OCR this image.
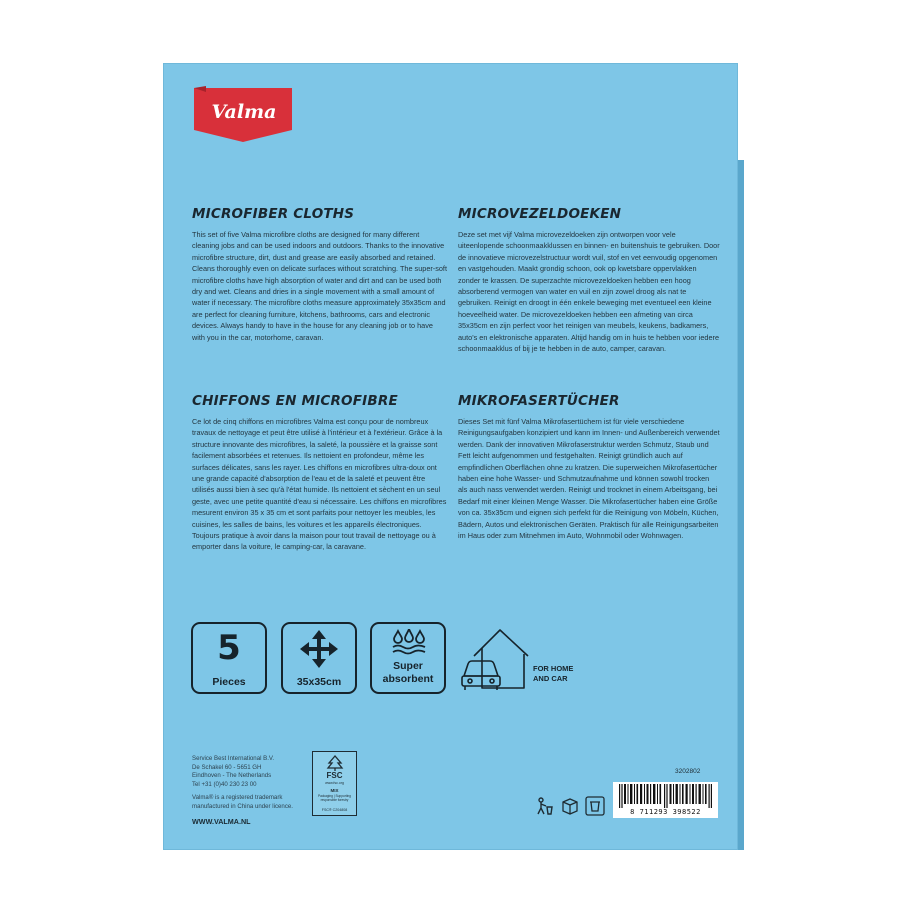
Valma
MICROFIBER CLOTHS

This set of five Valma microfibre cloths are designed for many different cleaning jobs and can be used indoors and outdoors. Thanks to the innovative microfibre structure, dirt, dust and grease are easily absorbed and retained. Cleans thoroughly even on delicate surfaces without scratching. The super-soft microfibre cloths have high absorption of water and dirt and can be used both dry and wet. Cleans and dries in a single movement with a small amount of water if necessary. The microfibre cloths measure approximately 35x35cm and are perfect for cleaning furniture, kitchens, bathrooms, cars and electronic devices. Always handy to have in the house for any cleaning job or to have with you in the car, motorhome, caravan.

MICROVEZELDOEKEN

Deze set met vijf Valma microvezeldoeken zijn ontworpen voor vele uiteenlopende schoonmaakklussen en binnen- en buitenshuis te gebruiken. Door de innovatieve microvezelstructuur wordt vuil, stof en vet eenvoudig opgenomen en vastgehouden. Maakt grondig schoon, ook op kwetsbare oppervlakken zonder te krassen. De superzachte microvezeldoeken hebben een hoog absorberend vermogen van water en vuil en zijn zowel droog als nat te gebruiken. Reinigt en droogt in één enkele beweging met eventueel een kleine hoeveelheid water. De microvezeldoeken hebben een afmeting van circa 35x35cm en zijn perfect voor het reinigen van meubels, keukens, badkamers, auto's en elektronische apparaten. Altijd handig om in huis te hebben voor iedere schoonmaakklus of bij je te hebben in de auto, camper, caravan.

CHIFFONS EN MICROFIBRE

Ce lot de cinq chiffons en microfibres Valma est conçu pour de nombreux travaux de nettoyage et peut être utilisé à l'intérieur et à l'extérieur. Grâce à la structure innovante des microfibres, la saleté, la poussière et la graisse sont facilement absorbées et retenues. Ils nettoient en profondeur, même les surfaces délicates, sans les rayer. Les chiffons en microfibres ultra-doux ont une grande capacité d'absorption de l'eau et de la saleté et peuvent être utilisés aussi bien à sec qu'à l'état humide. Ils nettoient et sèchent en un seul geste, avec une petite quantité d'eau si nécessaire. Les chiffons en microfibres mesurent environ 35 x 35 cm et sont parfaits pour nettoyer les meubles, les cuisines, les salles de bains, les voitures et les appareils électroniques. Toujours pratique à avoir dans la maison pour tout travail de nettoyage ou à emporter dans la voiture, le camping-car, la caravane.

MIKROFASERTÜCHER

Dieses Set mit fünf Valma Mikrofasertüchern ist für viele verschiedene Reinigungsaufgaben konzipiert und kann im Innen- und Außenbereich verwendet werden. Dank der innovativen Mikrofaserstruktur werden Schmutz, Staub und Fett leicht aufgenommen und festgehalten. Reinigt gründlich auch auf empfindlichen Oberflächen ohne zu kratzen. Die superweichen Mikrofasertücher haben eine hohe Wasser- und Schmutzaufnahme und können sowohl trocken als auch nass verwendet werden. Reinigt und trocknet in einem Arbeitsgang, bei Bedarf mit einer kleinen Menge Wasser. Die Mikrofasertücher haben eine Größe von ca. 35x35cm und eignen sich perfekt für die Reinigung von Möbeln, Küchen, Bädern, Autos und elektronischen Geräten. Praktisch für alle Reinigungsarbeiten im Haus oder zum Mitnehmen im Auto, Wohnmobil oder Wohnwagen.

5
Pieces	35x35cm
Super
absorbent
FOR HOME
AND CAR
Service Best International B.V.
De Schakel 60 - 5651 GH
Eindhoven - The Netherlands
Tel +31 (0)40 230 23 00
Valma® is a registered trademark
manufactured in China under licence.
WWW.VALMA.NL
FSC
www.fsc.org
MIX
Packaging | Supporting responsible forestry
FSC® C204808
3202802
8 711293 398522
